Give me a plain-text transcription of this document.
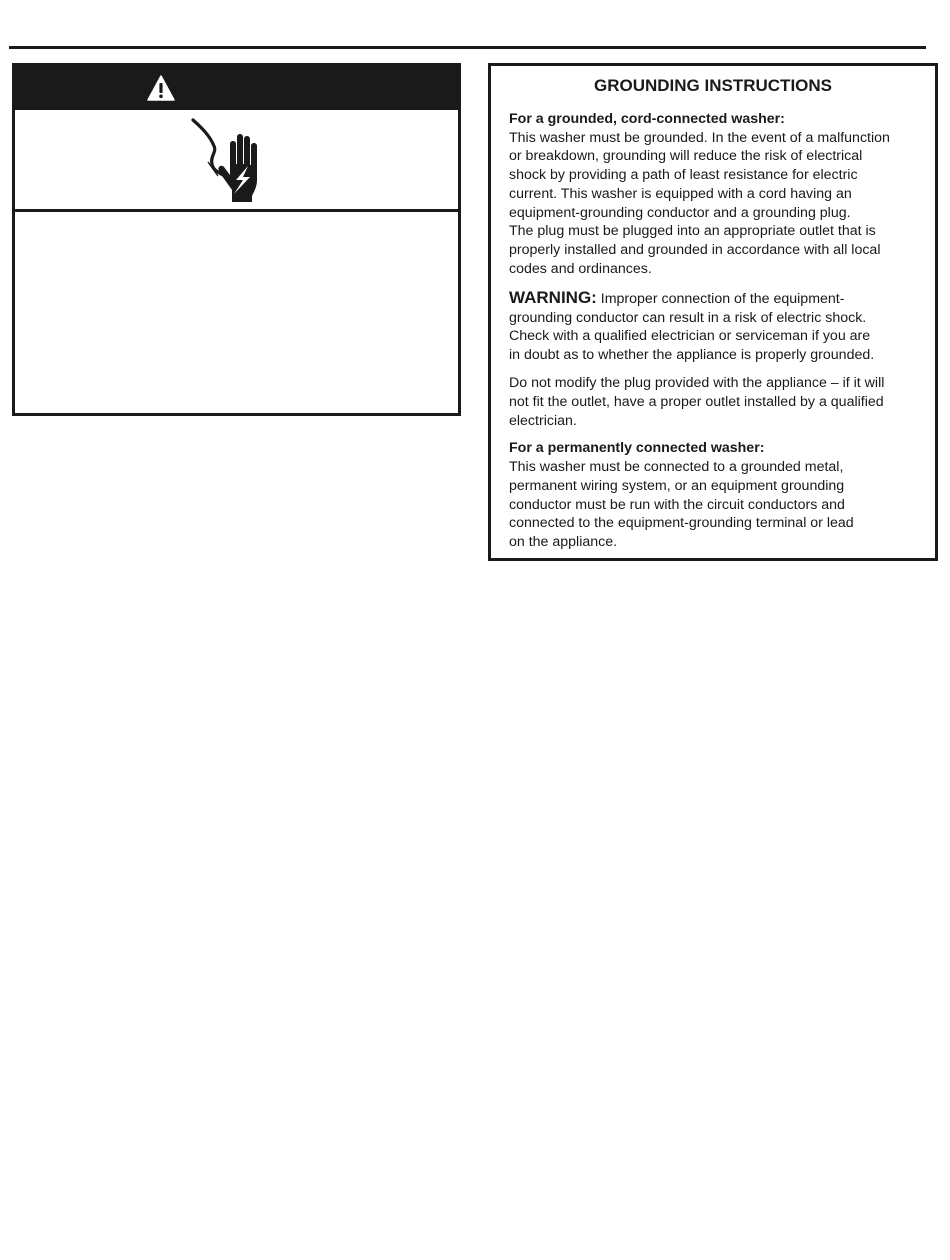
GROUNDING INSTRUCTIONS
For a grounded, cord-connected washer:

This washer must be grounded. In the event of a malfunction
or breakdown, grounding will reduce the risk of electrical
shock by providing a path of least resistance for electric
current. This washer is equipped with a cord having an
equipment-grounding conductor and a grounding plug.
The plug must be plugged into an appropriate outlet that is
properly installed and grounded in accordance with all local
codes and ordinances.

WARNING: Improper connection of the equipment-
grounding conductor can result in a risk of electric shock.
Check with a qualified electrician or serviceman if you are
in doubt as to whether the appliance is properly grounded.

Do not modify the plug provided with the appliance – if it will
not fit the outlet, have a proper outlet installed by a qualified
electrician.

For a permanently connected washer:

This washer must be connected to a grounded metal,
permanent wiring system, or an equipment grounding
conductor must be run with the circuit conductors and
connected to the equipment-grounding terminal or lead
on the appliance.
